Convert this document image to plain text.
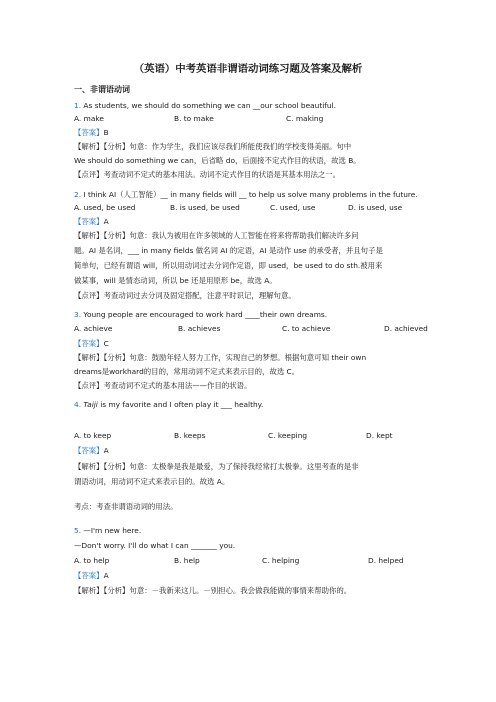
（英语）中考英语非谓语动词练习题及答案及解析
一、非谓语动词
1. As students, we should do something we can __our school beautiful.
A. make	B. to make	C. making
【答案】B
【解析】【分析】句意：作为学生，我们应该尽我们所能使我们的学校变得美丽。句中
We should do something we can，后省略 do，后面接不定式作目的状语，故选 B。
【点评】考查动词不定式的基本用法。动词不定式作目的状语是其基本用法之一。
2. I think AI（人工智能）__ in many fields will __ to help us solve many problems in the future.
A. used, be used	B. is used, be used	C. used, use	D. is used, use
【答案】A
【解析】【分析】句意：我认为被用在许多领域的人工智能在将来将帮助我们解决许多问
题。AI 是名词，___ in many fields 做名词 AI 的定语，AI 是动作 use 的承受者，并且句子是
简单句，已经有谓语 will，所以用动词过去分词作定语，即 used，be used to do sth.被用来
做某事，will 是情态动词，所以 be 还是用原形 be，故选 A。
【点评】考查动词过去分词及固定搭配，注意平时识记，理解句意。
3. Young people are encouraged to work hard ____their own dreams.
A. achieve	B. achieves	C. to achieve	D. achieved
【答案】C
【解析】【分析】句意：鼓励年轻人努力工作，实现自己的梦想。根据句意可知 their own
dreams是workhard的目的，常用动词不定式来表示目的，故选 C。
【点评】考查动词不定式的基本用法——作目的状语。
4. Taiji is my favorite and I often play it ___ healthy.
A. to keep	B. keeps	C. keeping	D. kept
【答案】A
【解析】【分析】句意：太极拳是我是最爱，为了保持我经常打太极拳。这里考查的是非
谓语动词，用动词不定式来表示目的。故选 A。
考点：考查非谓语动词的用法。
5. —I'm new here.
—Don't worry. I'll do what I can _______ you.
A. to help	B. help	C. helping	D. helped
【答案】A
【解析】【分析】句意：－我新来这儿。－别担心。我会做我能做的事情来帮助你的。
